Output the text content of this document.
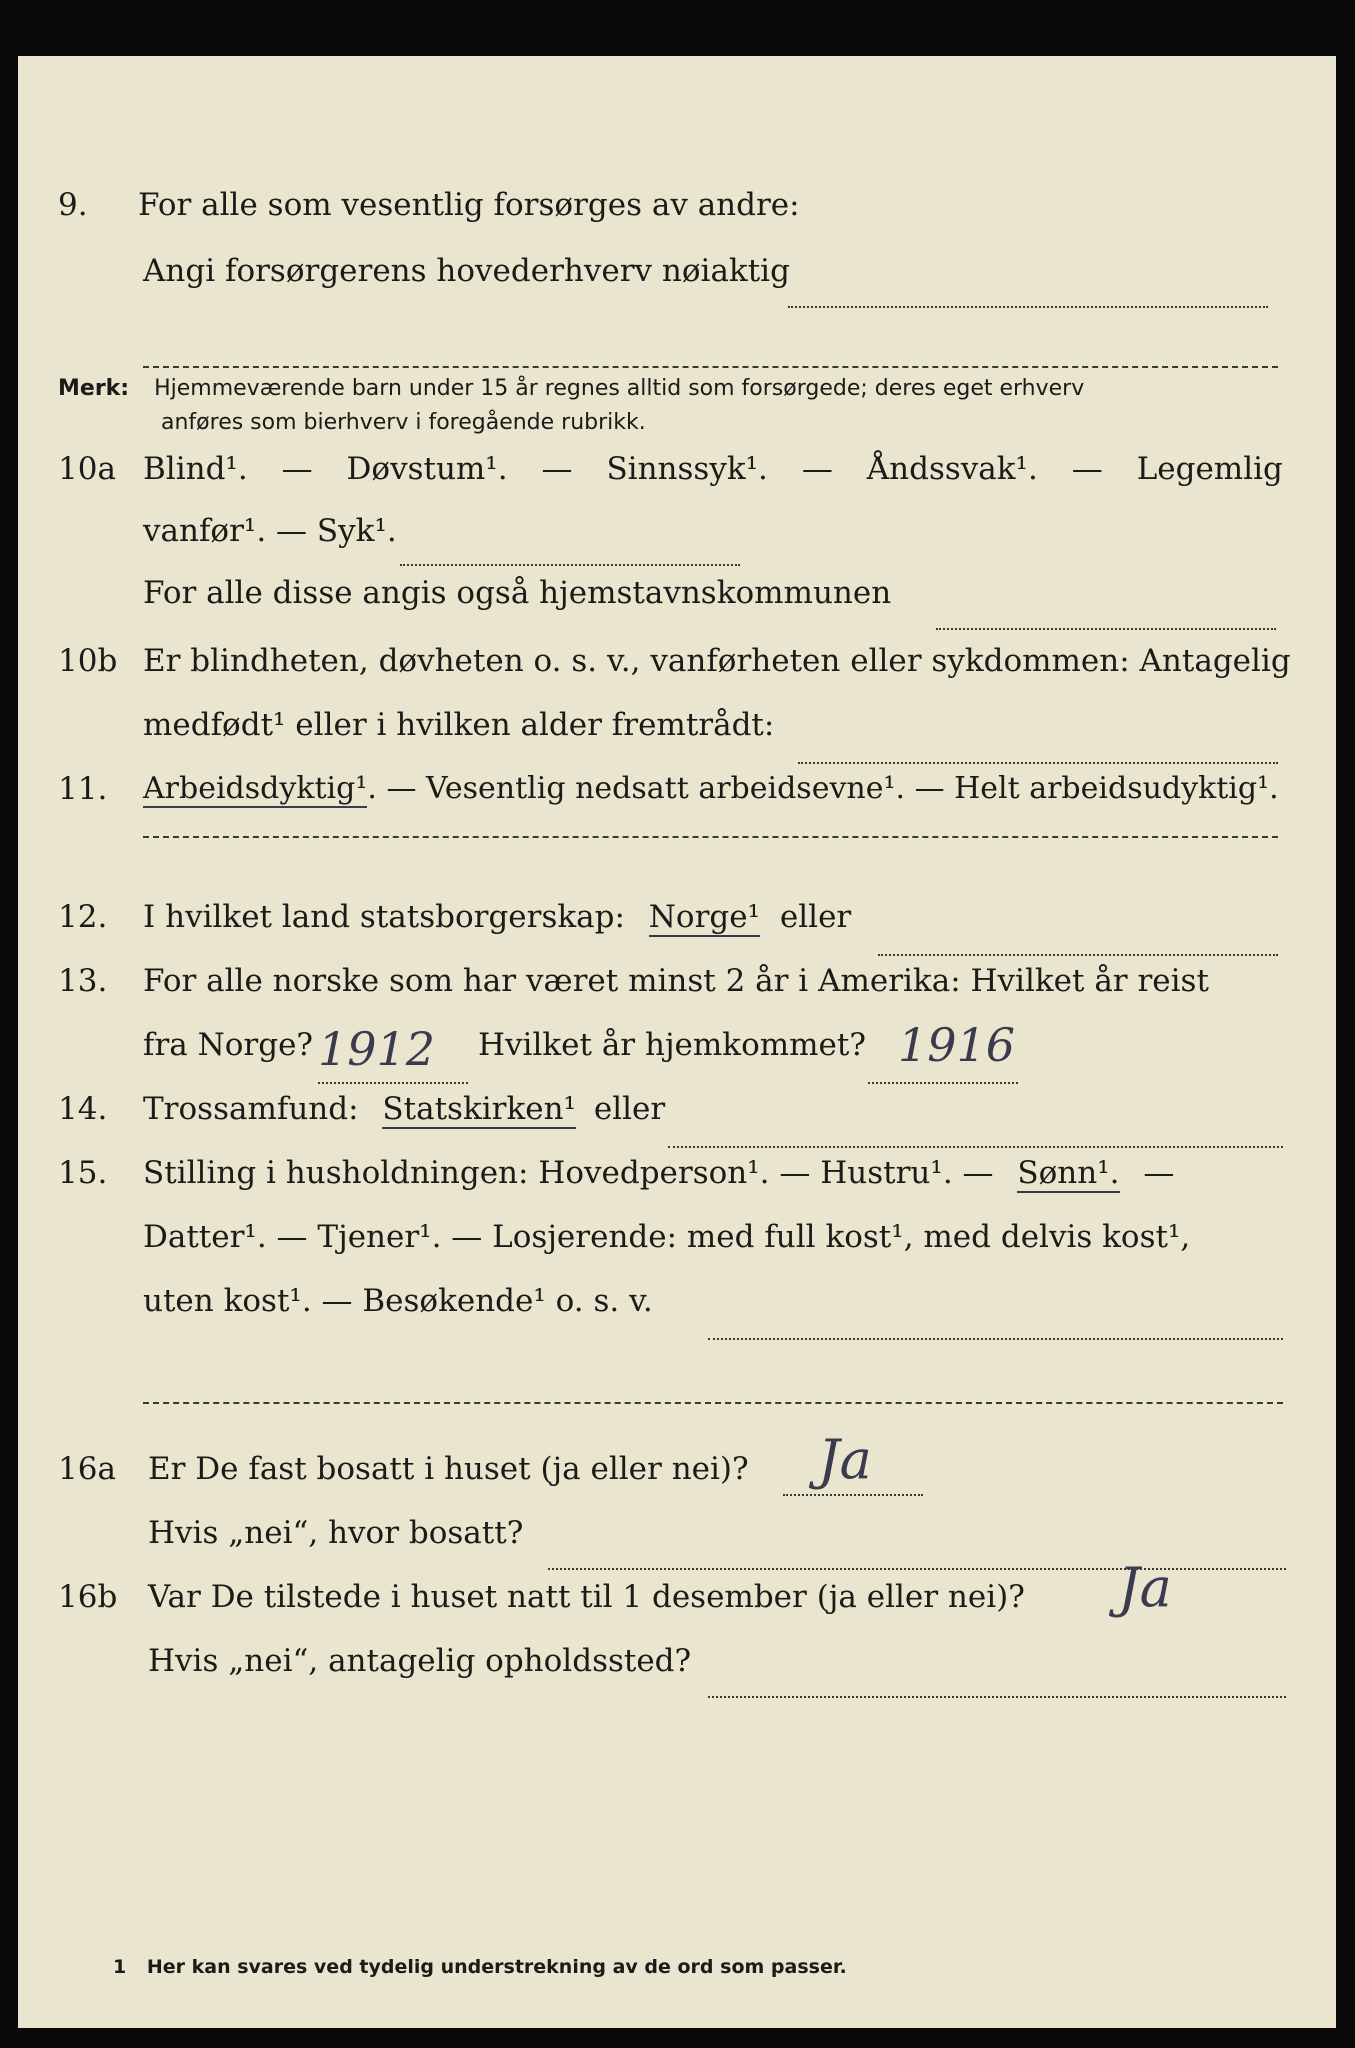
9. For alle som vesentlig forsørges av andre:
Angi forsørgerens hovederhverv nøiaktig
Merk: Hjemmeværende barn under 15 år regnes alltid som forsørgede; deres eget erhverv
anføres som bierhverv i foregående rubrikk.
10a Blind¹. — Døvstum¹. — Sinnssyk¹. — Åndssvak¹. — Legemlig
vanfør¹. — Syk¹.
For alle disse angis også hjemstavnskommunen
10b Er blindheten, døvheten o. s. v., vanførheten eller sykdommen: Antagelig
medfødt¹ eller i hvilken alder fremtrådt:
11. Arbeidsdyktig¹. — Vesentlig nedsatt arbeidsevne¹. — Helt arbeidsudyktig¹.
12. I hvilket land statsborgerskap: Norge¹ eller
13. For alle norske som har været minst 2 år i Amerika: Hvilket år reist
fra Norge?	Hvilket år hjemkommet?
1912	1916
14. Trossamfund: Statskirken¹ eller
15. Stilling i husholdningen: Hovedperson¹. — Hustru¹. — Sønn¹. —
Datter¹. — Tjener¹. — Losjerende: med full kost¹, med delvis kost¹,
uten kost¹. — Besøkende¹ o. s. v.
16a Er De fast bosatt i huset (ja eller nei)? Ja
Hvis „nei“, hvor bosatt?
16b Var De tilstede i huset natt til 1 desember (ja eller nei)? Ja
Hvis „nei“, antagelig opholdssted?
1 Her kan svares ved tydelig understrekning av de ord som passer.
